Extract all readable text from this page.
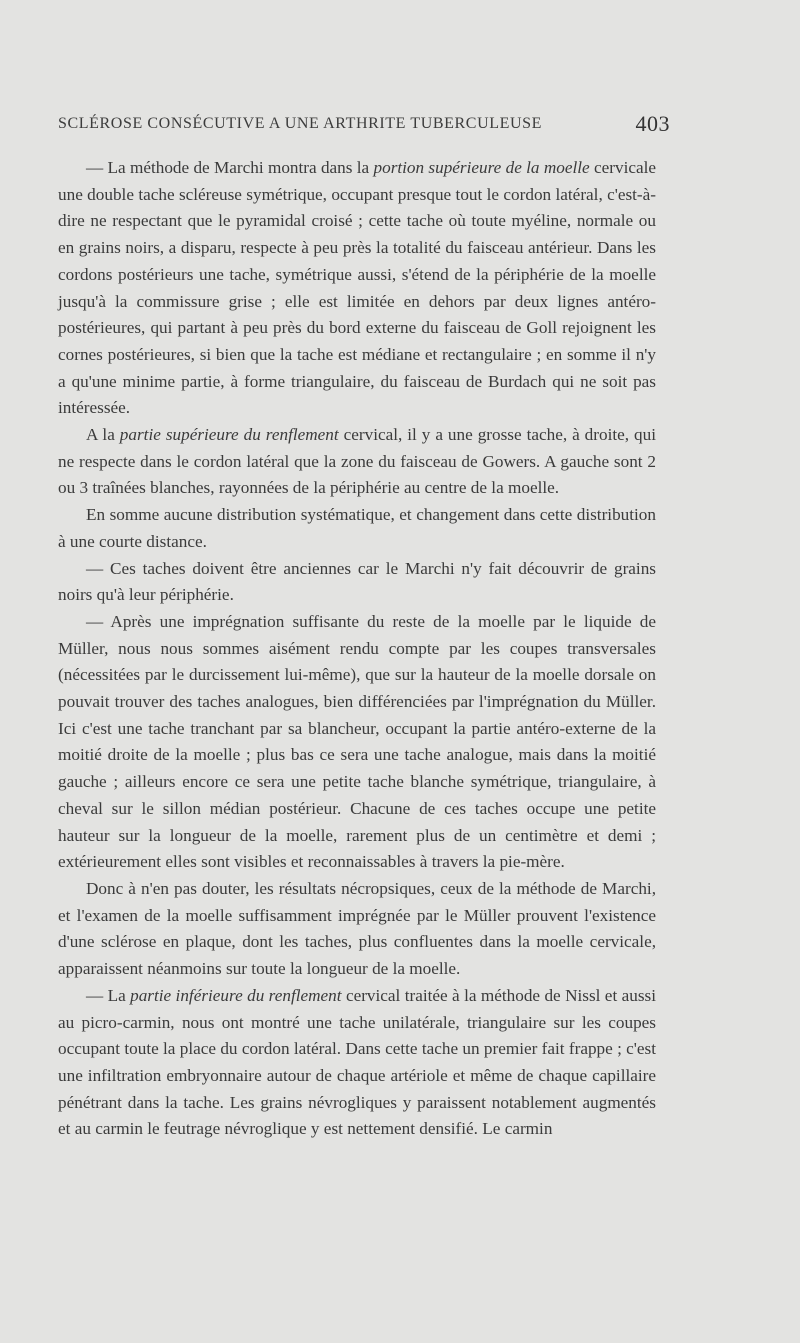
SCLÉROSE CONSÉCUTIVE A UNE ARTHRITE TUBERCULEUSE	403

— La méthode de Marchi montra dans la portion supérieure de la moelle cervicale une double tache scléreuse symétrique, occupant presque tout le cordon latéral, c'est-à-dire ne respectant que le pyramidal croisé ; cette tache où toute myéline, normale ou en grains noirs, a disparu, respecte à peu près la totalité du faisceau antérieur. Dans les cordons postérieurs une tache, symétrique aussi, s'étend de la périphérie de la moelle jusqu'à la commissure grise ; elle est limitée en dehors par deux lignes antéro-postérieures, qui partant à peu près du bord externe du faisceau de Goll rejoignent les cornes postérieures, si bien que la tache est médiane et rectangulaire ; en somme il n'y a qu'une minime partie, à forme triangulaire, du faisceau de Burdach qui ne soit pas intéressée.

A la partie supérieure du renflement cervical, il y a une grosse tache, à droite, qui ne respecte dans le cordon latéral que la zone du faisceau de Gowers. A gauche sont 2 ou 3 traînées blanches, rayonnées de la périphérie au centre de la moelle.

En somme aucune distribution systématique, et changement dans cette distribution à une courte distance.

— Ces taches doivent être anciennes car le Marchi n'y fait découvrir de grains noirs qu'à leur périphérie.

— Après une imprégnation suffisante du reste de la moelle par le liquide de Müller, nous nous sommes aisément rendu compte par les coupes transversales (nécessitées par le durcissement lui-même), que sur la hauteur de la moelle dorsale on pouvait trouver des taches analogues, bien différenciées par l'imprégnation du Müller. Ici c'est une tache tranchant par sa blancheur, occupant la partie antéro-externe de la moitié droite de la moelle ; plus bas ce sera une tache analogue, mais dans la moitié gauche ; ailleurs encore ce sera une petite tache blanche symétrique, triangulaire, à cheval sur le sillon médian postérieur. Chacune de ces taches occupe une petite hauteur sur la longueur de la moelle, rarement plus de un centimètre et demi ; extérieurement elles sont visibles et reconnaissables à travers la pie-mère.

Donc à n'en pas douter, les résultats nécropsiques, ceux de la méthode de Marchi, et l'examen de la moelle suffisamment imprégnée par le Müller prouvent l'existence d'une sclérose en plaque, dont les taches, plus confluentes dans la moelle cervicale, apparaissent néanmoins sur toute la longueur de la moelle.

— La partie inférieure du renflement cervical traitée à la méthode de Nissl et aussi au picro-carmin, nous ont montré une tache unilatérale, triangulaire sur les coupes occupant toute la place du cordon latéral. Dans cette tache un premier fait frappe ; c'est une infiltration embryonnaire autour de chaque artériole et même de chaque capillaire pénétrant dans la tache. Les grains névrogliques y paraissent notablement augmentés et au carmin le feutrage névroglique y est nettement densifié. Le carmin
